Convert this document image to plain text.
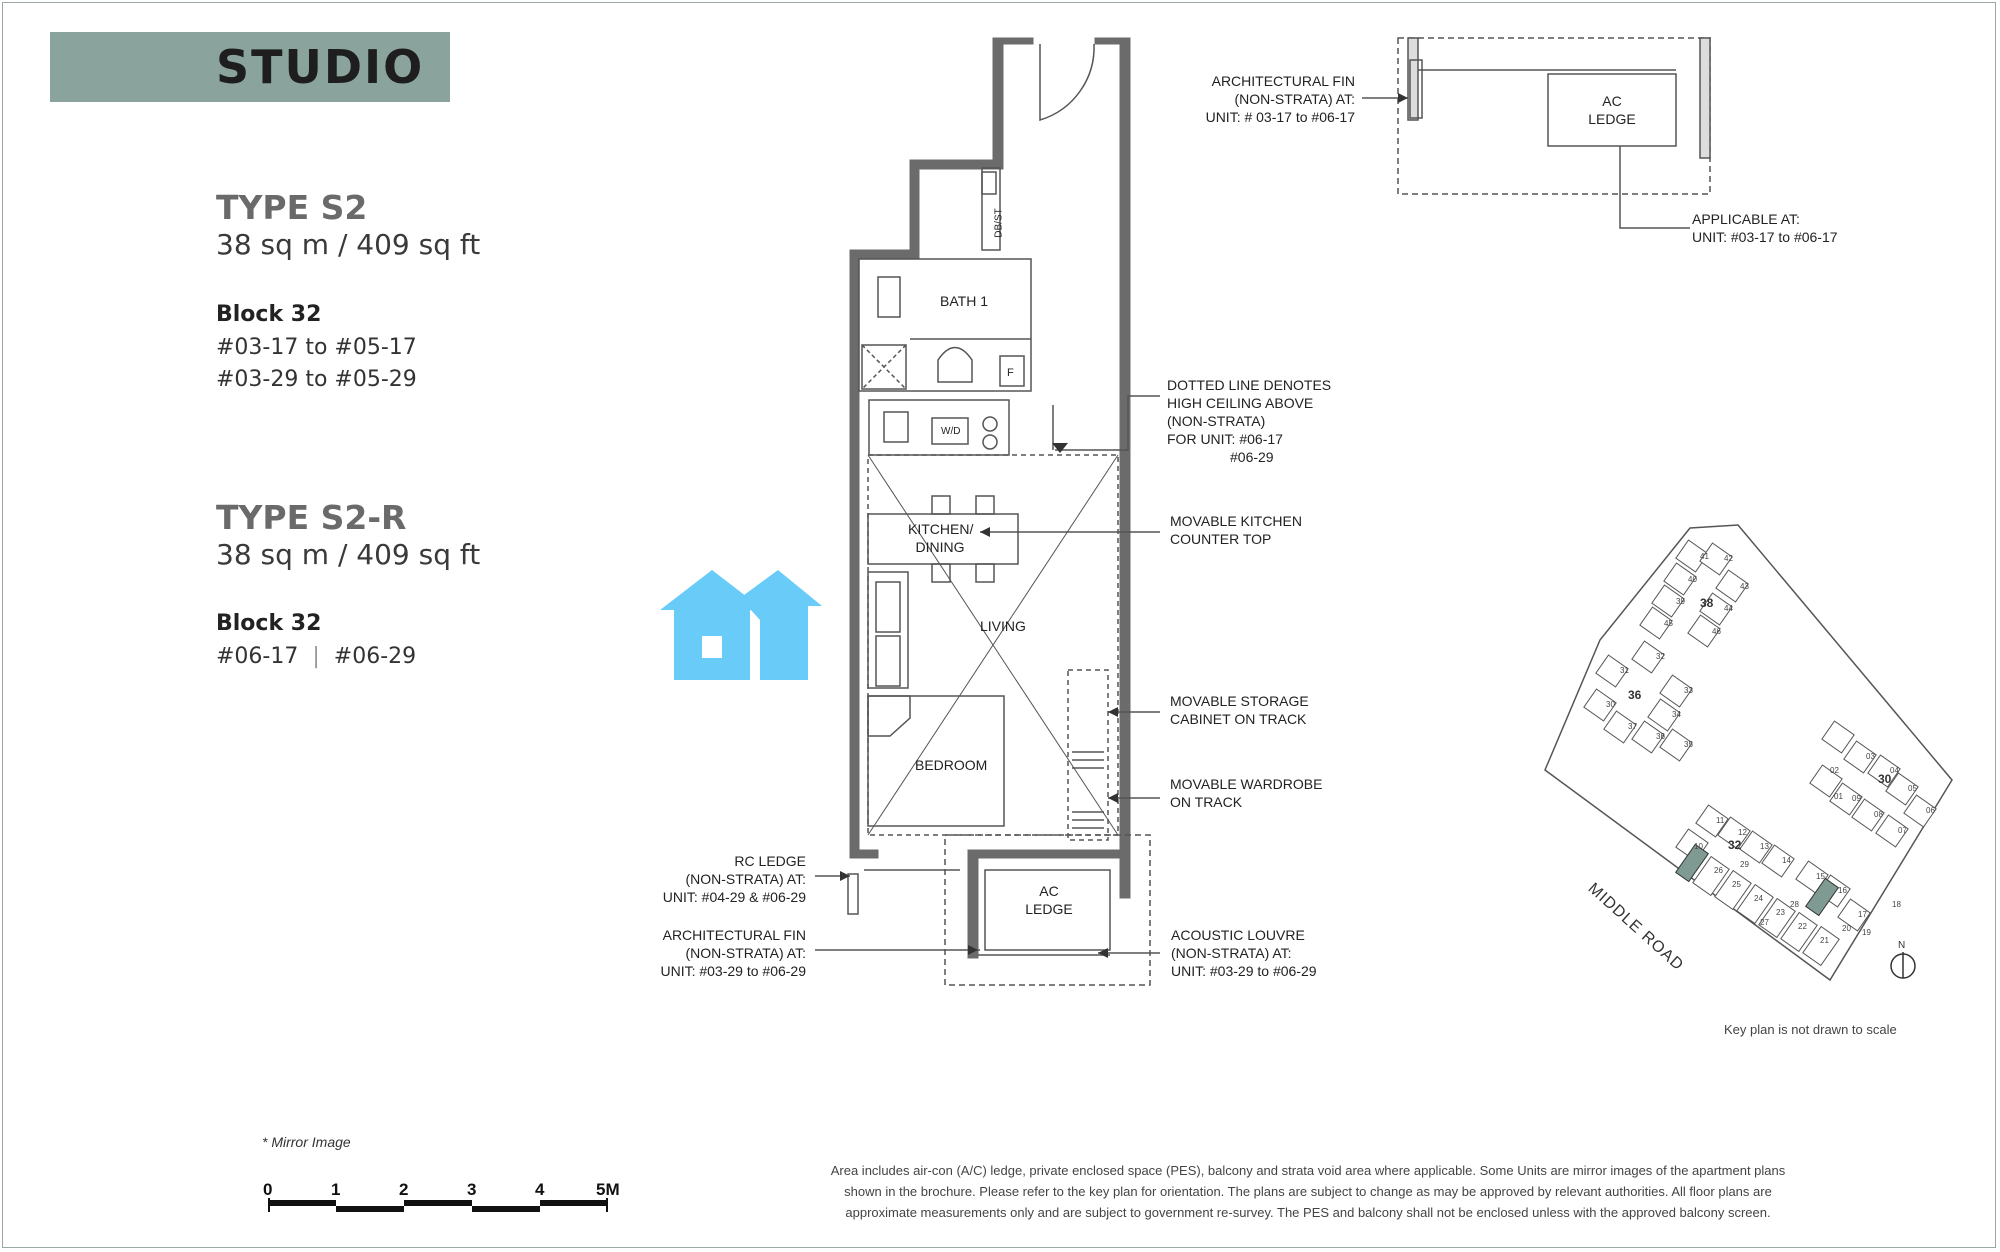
STUDIO
TYPE S2
38 sq m / 409 sq ft
Block 32
#03-17 to #05-17
#03-29 to #05-29
TYPE S2-R
38 sq m / 409 sq ft
Block 32
#06-17 | #06-29
BATH 1
DB/ST
F
W/D
KITCHEN/
DINING
LIVING
BEDROOM
AC
LEDGE
AC
LEDGE
DOTTED LINE DENOTES
HIGH CEILING ABOVE
(NON-STRATA)
FOR UNIT: #06-17
#06-29
MOVABLE KITCHEN
COUNTER TOP
MOVABLE STORAGE
CABINET ON TRACK
MOVABLE WARDROBE
ON TRACK
ACOUSTIC LOUVRE
(NON-STRATA) AT:
UNIT: #03-29 to #06-29
RC LEDGE
(NON-STRATA) AT:
UNIT: #04-29 & #06-29
ARCHITECTURAL FIN
(NON-STRATA) AT:
UNIT: #03-29 to #06-29
ARCHITECTURAL FIN
(NON-STRATA) AT:
UNIT: # 03-17 to #06-17
APPLICABLE AT:
UNIT: #03-17 to #06-17
MIDDLE ROAD
38
36
30
32
N
Key plan is not drawn to scale
41 42
40
43
39
44
46
45
31
32
33
34
35
36
37
30
01
02
03
04
05
06
07
08
09
10
11
12
13
14
15
16
17
18
19
20
21
22
23
24
25
26
27
28
29
0	1	2	3	4	5M
* Mirror Image
Area includes air-con (A/C) ledge, private enclosed space (PES), balcony and strata void area where applicable. Some Units are mirror images of the apartment plans
shown in the brochure. Please refer to the key plan for orientation. The plans are subject to change as may be approved by relevant authorities. All floor plans are
approximate measurements only and are subject to government re-survey. The PES and balcony shall not be enclosed unless with the approved balcony screen.
